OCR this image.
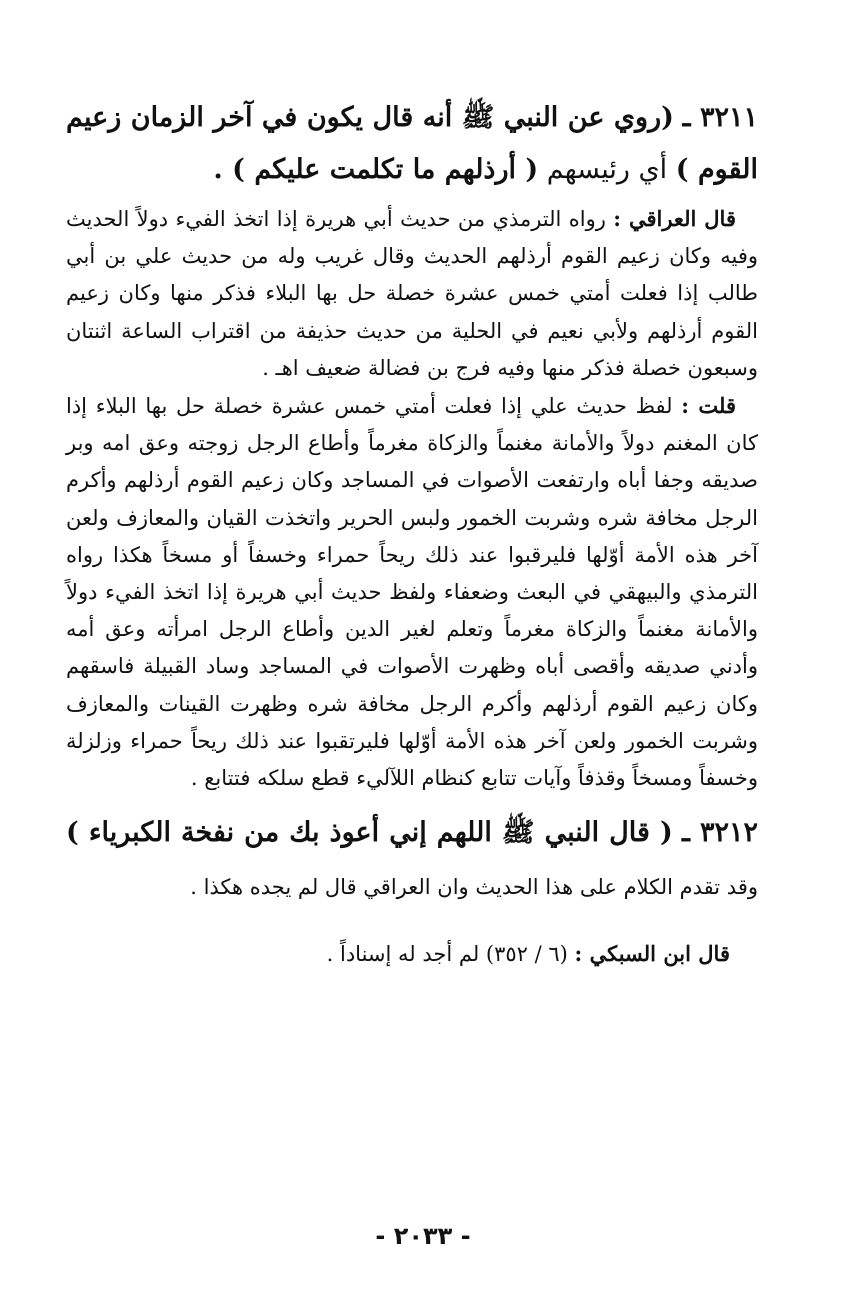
٣٢١١ ـ (روي عن النبي ﷺ أنه قال يكون في آخر الزمان زعيم القوم ) أي رئيسهم ( أرذلهم ما تكلمت عليكم ) .

قال العراقي : رواه الترمذي من حديث أبي هريرة إذا اتخذ الفيء دولاً الحديث وفيه وكان زعيم القوم أرذلهم الحديث وقال غريب وله من حديث علي بن أبي طالب إذا فعلت أمتي خمس عشرة خصلة حل بها البلاء فذكر منها وكان زعيم القوم أرذلهم ولأبي نعيم في الحلية من حديث حذيفة من اقتراب الساعة اثنتان وسبعون خصلة فذكر منها وفيه فرج بن فضالة ضعيف اهـ .

قلت : لفظ حديث علي إذا فعلت أمتي خمس عشرة خصلة حل بها البلاء إذا كان المغنم دولاً والأمانة مغنماً والزكاة مغرماً وأطاع الرجل زوجته وعق امه وبر صديقه وجفا أباه وارتفعت الأصوات في المساجد وكان زعيم القوم أرذلهم وأكرم الرجل مخافة شره وشربت الخمور ولبس الحرير واتخذت القيان والمعازف ولعن آخر هذه الأمة أوّلها فليرقبوا عند ذلك ريحاً حمراء وخسفاً أو مسخاً هكذا رواه الترمذي والبيهقي في البعث وضعفاء ولفظ حديث أبي هريرة إذا اتخذ الفيء دولاً والأمانة مغنماً والزكاة مغرماً وتعلم لغير الدين وأطاع الرجل امرأته وعق أمه وأدني صديقه وأقصى أباه وظهرت الأصوات في المساجد وساد القبيلة فاسقهم وكان زعيم القوم أرذلهم وأكرم الرجل مخافة شره وظهرت القينات والمعازف وشربت الخمور ولعن آخر هذه الأمة أوّلها فليرتقبوا عند ذلك ريحاً حمراء وزلزلة وخسفاً ومسخاً وقذفاً وآيات تتابع كنظام اللآليء قطع سلكه فتتابع .

٣٢١٢ ـ ( قال النبي ﷺ اللهم إني أعوذ بك من نفخة الكبرياء ) وقد تقدم الكلام على هذا الحديث وان العراقي قال لم يجده هكذا .

قال ابن السبكي : (٦ / ٣٥٢) لم أجد له إسناداً .

- ٢٠٣٣ -
